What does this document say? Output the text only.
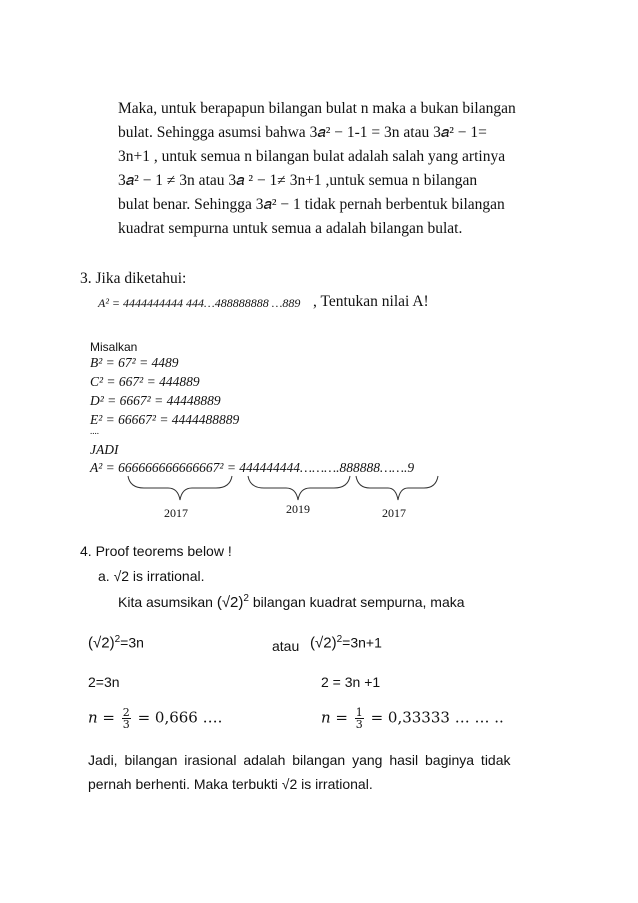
Maka, untuk berapapun bilangan bulat n maka a bukan bilangan
bulat. Sehingga asumsi bahwa 3𝑎² − 1-1 = 3n atau 3𝑎² − 1=
3n+1 , untuk semua n bilangan bulat adalah salah yang artinya
3𝑎² − 1 ≠ 3n atau 3𝑎 ² − 1≠ 3n+1 ,untuk semua n bilangan
bulat benar. Sehingga 3𝑎² − 1 tidak pernah berbentuk bilangan
kuadrat sempurna untuk semua a adalah bilangan bulat.
3. Jika diketahui:
A² = 4444444444 444…488888888 …889 , Tentukan nilai A!
Misalkan
B² = 67² = 4489
C² = 667² = 444889
D² = 6667² = 44448889
E² = 66667² = 4444488889
....
JADI
A² = 666666666666667² = 444444444……….888888…….9
2017	2019	2017
4. Proof teorems below !
a. √2 is irrational.
Kita asumsikan $(√2)^2$ bilangan kuadrat sempurna, maka
$(√2)^2=3n$	atau $(√2)^2=3n+1$
2=3n	2 = 3n +1
𝑛 = $\frac{2}{3} = 0,666$ ….	𝑛 = $\frac{1}{3} = 0,33333$ … … ..
Jadi, bilangan irasional adalah bilangan yang hasil baginya tidak
pernah berhenti. Maka terbukti √2 is irrational.
